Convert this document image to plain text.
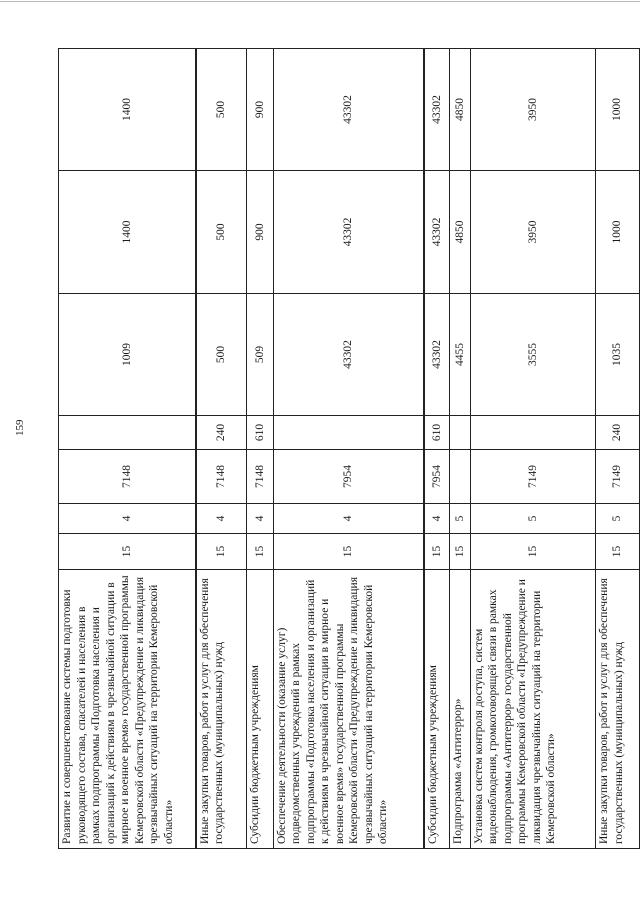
159
Развитие и совершенствование системы подготовки руководящего состава, спасателей и населения в рамках подпрограммы «Подготовка населения и организаций к действиям в чрезвычайной ситуации в мирное и военное время» государственной программы Кемеровской области «Предупреждение и ликвидация чрезвычайных ситуаций на территории Кемеровской области»	15	4	7148		1009	1400	1400
Иные закупки товаров, работ и услуг для обеспечения государственных (муниципальных) нужд	15	4	7148	240	500	500	500
Субсидии бюджетным учреждениям	15	4	7148	610	509	900	900
Обеспечение деятельности (оказание услуг) подведомственных учреждений в рамках подпрограммы «Подготовка населения и организаций к действиям в чрезвычайной ситуации в мирное и военное время» государственной программы Кемеровской области «Предупреждение и ликвидация чрезвычайных ситуаций на территории Кемеровской области»	15	4	7954		43302	43302	43302
Субсидии бюджетным учреждениям	15	4	7954	610	43302	43302	43302
Подпрограмма «Антитеррор»	15	5			4455	4850	4850
Установка систем контроля доступа, систем видеонаблюдения, громкоговорящей связи в рамках подпрограммы «Антитеррор» государственной программы Кемеровской области «Предупреждение и ликвидация чрезвычайных ситуаций на территории Кемеровской области»	15	5	7149		3555	3950	3950
Иные закупки товаров, работ и услуг для обеспечения государственных (муниципальных) нужд	15	5	7149	240	1035	1000	1000
